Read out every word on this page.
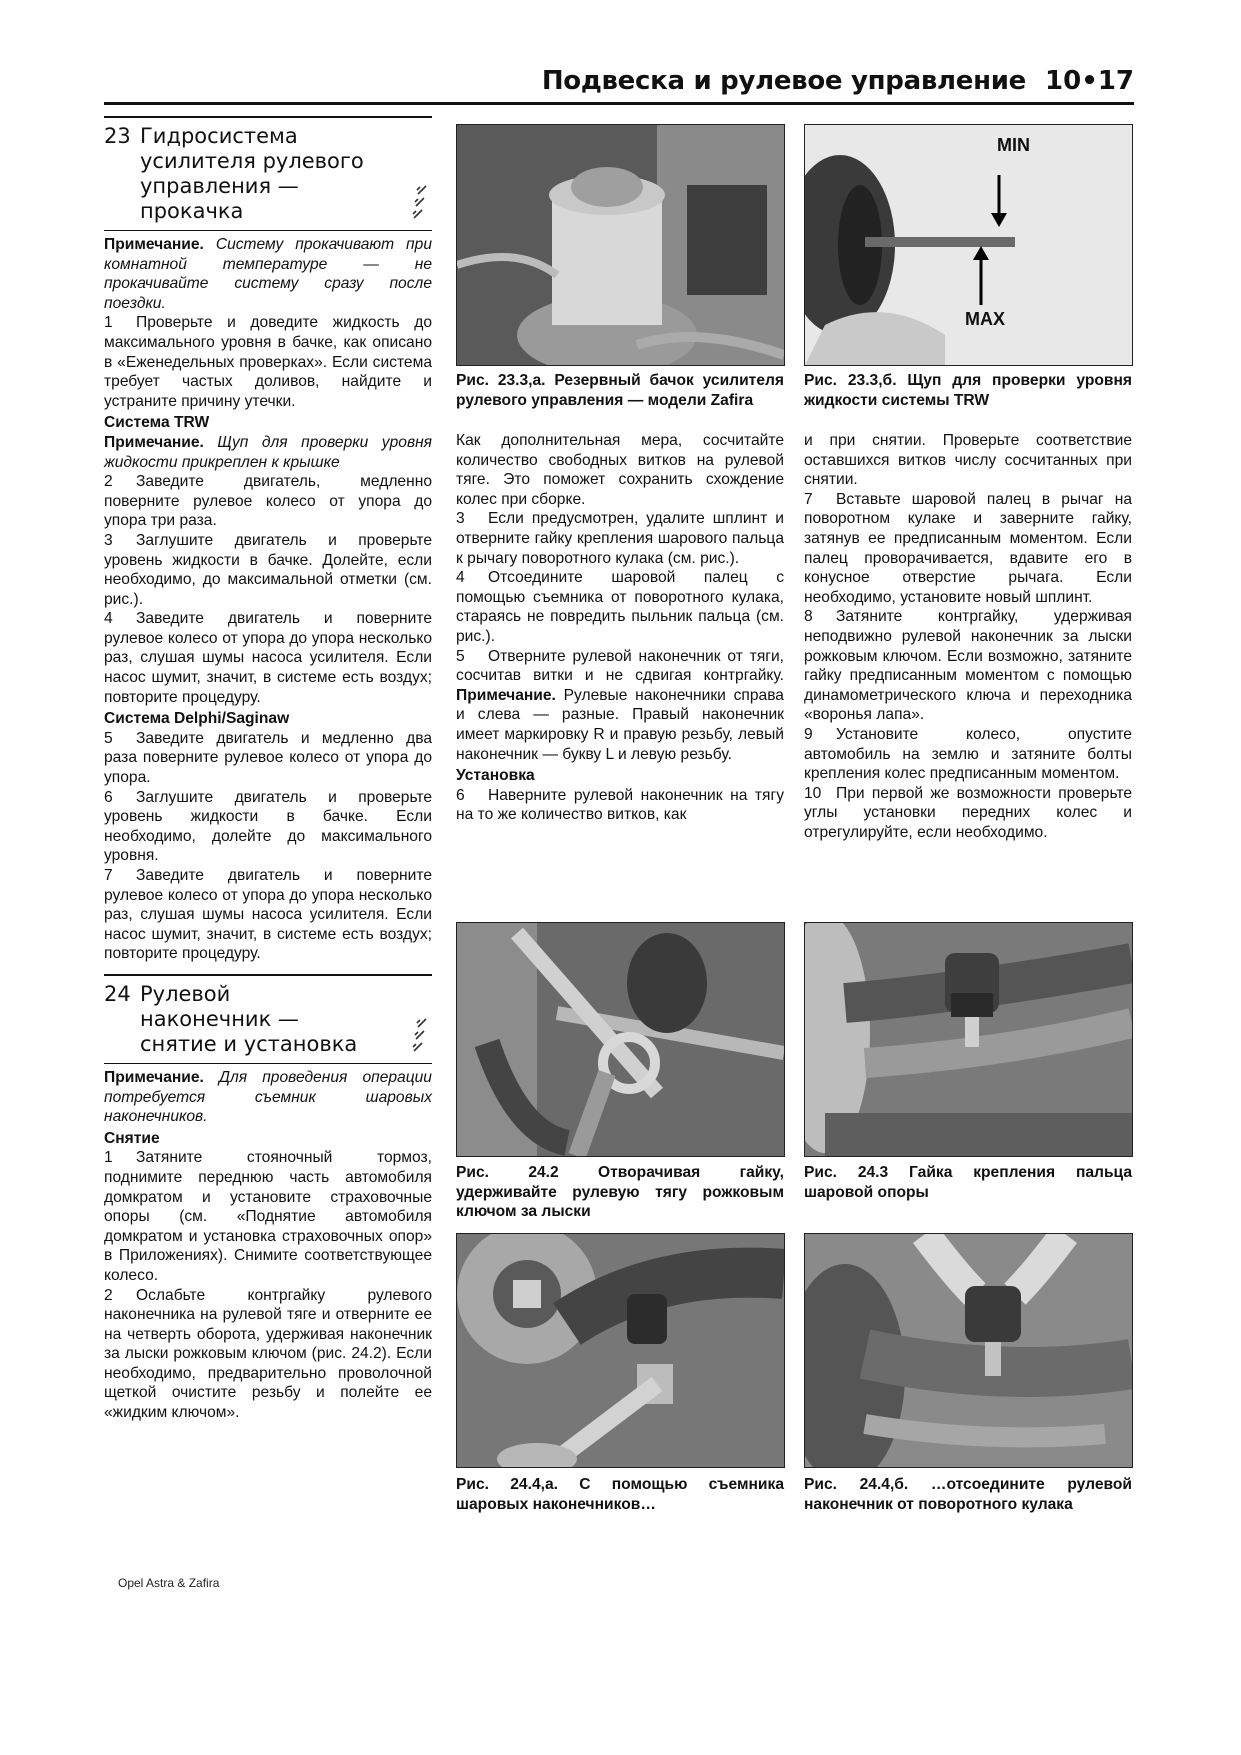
Подвеска и рулевое управление 10•17
23 Гидросистема
усилителя рулевого
управления —
прокачка

Примечание. Систему прокачивают при комнатной температуре — не прокачивайте систему сразу после поездки.

1 Проверьте и доведите жидкость до максимального уровня в бачке, как описано в «Еженедельных проверках». Если система требует частых доливов, найдите и устраните причину утечки.

Система TRW

Примечание. Щуп для проверки уровня жидкости прикреплен к крышке

2 Заведите двигатель, медленно поверните рулевое колесо от упора до упора три раза.

3 Заглушите двигатель и проверьте уровень жидкости в бачке. Долейте, если необходимо, до максимальной отметки (см. рис.).

4 Заведите двигатель и поверните рулевое колесо от упора до упора несколько раз, слушая шумы насоса усилителя. Если насос шумит, значит, в системе есть воздух; повторите процедуру.

Система Delphi/Saginaw

5 Заведите двигатель и медленно два раза поверните рулевое колесо от упора до упора.

6 Заглушите двигатель и проверьте уровень жидкости в бачке. Если необходимо, долейте до максимального уровня.

7 Заведите двигатель и поверните рулевое колесо от упора до упора несколько раз, слушая шумы насоса усилителя. Если насос шумит, значит, в системе есть воздух; повторите процедуру.

24 Рулевой
наконечник —
снятие и установка

Примечание. Для проведения операции потребуется съемник шаровых наконечников.

Снятие

1 Затяните стояночный тормоз, поднимите переднюю часть автомобиля домкратом и установите страховочные опоры (см. «Поднятие автомобиля домкратом и установка страховочных опор» в Приложениях). Снимите соответствующее колесо.

2 Ослабьте контргайку рулевого наконечника на рулевой тяге и отверните ее на четверть оборота, удерживая наконечник за лыски рожковым ключом (рис. 24.2). Если необходимо, предварительно проволочной щеткой очистите резьбу и полейте ее «жидким ключом».

Рис. 23.3,а. Резервный бачок усилителя рулевого управления — модели Zafira
MIN
MAX
Рис. 23.3,б. Щуп для проверки уровня жидкости системы TRW

Как дополнительная мера, сосчитайте количество свободных витков на рулевой тяге. Это поможет сохранить схождение колес при сборке.

3 Если предусмотрен, удалите шплинт и отверните гайку крепления шарового пальца к рычагу поворотного кулака (см. рис.).

4 Отсоедините шаровой палец с помощью съемника от поворотного кулака, стараясь не повредить пыльник пальца (см. рис.).

5 Отверните рулевой наконечник от тяги, сосчитав витки и не сдвигая контргайку. Примечание. Рулевые наконечники справа и слева — разные. Правый наконечник имеет маркировку R и правую резьбу, левый наконечник — букву L и левую резьбу.

Установка

6 Наверните рулевой наконечник на тягу на то же количество витков, как

и при снятии. Проверьте соответствие оставшихся витков числу сосчитанных при снятии.

7 Вставьте шаровой палец в рычаг на поворотном кулаке и заверните гайку, затянув ее предписанным моментом. Если палец проворачивается, вдавите его в конусное отверстие рычага. Если необходимо, установите новый шплинт.

8 Затяните контргайку, удерживая неподвижно рулевой наконечник за лыски рожковым ключом. Если возможно, затяните гайку предписанным моментом с помощью динамометрического ключа и переходника «воронья лапа».

9 Установите колесо, опустите автомобиль на землю и затяните болты крепления колес предписанным моментом.

10 При первой же возможности проверьте углы установки передних колес и отрегулируйте, если необходимо.

Рис. 24.2 Отворачивая гайку, удерживайте рулевую тягу рожковым ключом за лыски
Рис. 24.3 Гайка крепления пальца шаровой опоры
Рис. 24.4,а. С помощью съемника шаровых наконечников…
Рис. 24.4,б. …отсоедините рулевой наконечник от поворотного кулака
Opel Astra & Zafira
